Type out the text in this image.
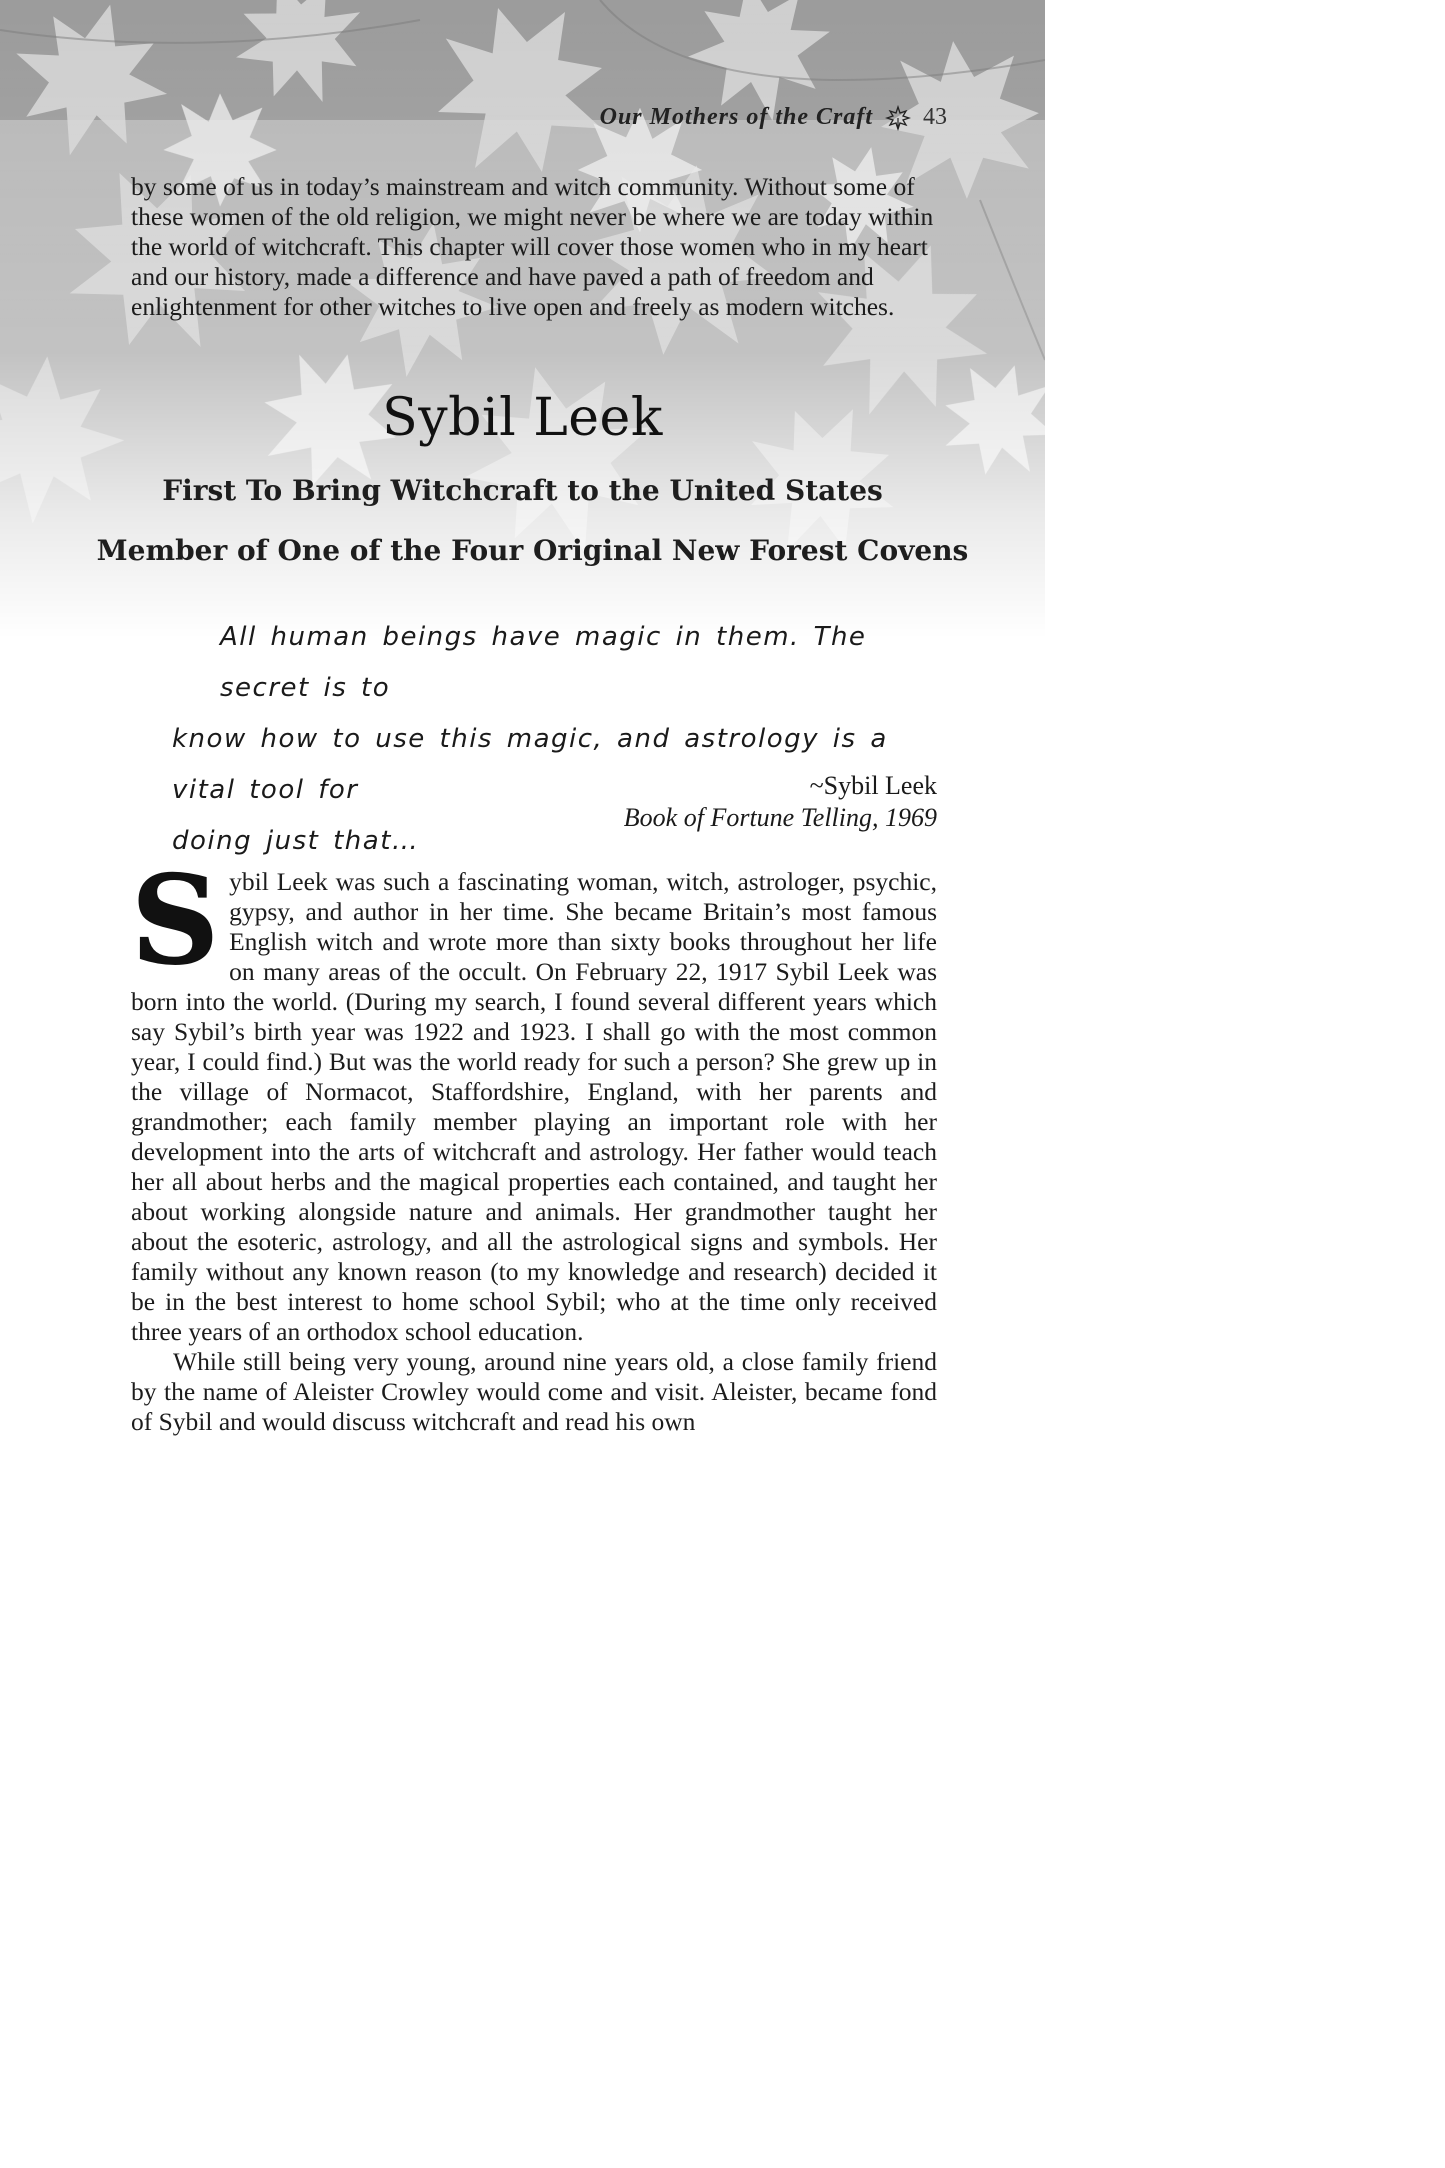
Our Mothers of the Craft 43

by some of us in today’s mainstream and witch community. Without some of these women of the old religion, we might never be where we are today within the world of witchcraft. This chapter will cover those women who in my heart and our history, made a difference and have paved a path of freedom and enlightenment for other witches to live open and freely as modern witches.

Sybil Leek
First To Bring Witchcraft to the United States
Member of One of the Four Original New Forest Covens
All human beings have magic in them. The secret is to
know how to use this magic, and astrology is a vital tool for
doing just that…
~Sybil Leek
Book of Fortune Telling, 1969

Sybil Leek was such a fascinating woman, witch, astrologer, psychic, gypsy, and author in her time. She became Britain’s most famous English witch and wrote more than sixty books throughout her life on many areas of the occult. On February 22, 1917 Sybil Leek was born into the world. (During my search, I found several different years which say Sybil’s birth year was 1922 and 1923. I shall go with the most common year, I could find.) But was the world ready for such a person? She grew up in the village of Normacot, Staffordshire, England, with her parents and grandmother; each family member playing an important role with her development into the arts of witchcraft and astrology. Her father would teach her all about herbs and the magical properties each contained, and taught her about working alongside nature and animals. Her grandmother taught her about the esoteric, astrology, and all the astrological signs and symbols. Her family without any known reason (to my knowledge and research) decided it be in the best interest to home school Sybil; who at the time only received three years of an orthodox school education.

While still being very young, around nine years old, a close family friend by the name of Aleister Crowley would come and visit. Aleister, became fond of Sybil and would discuss witchcraft and read his own
